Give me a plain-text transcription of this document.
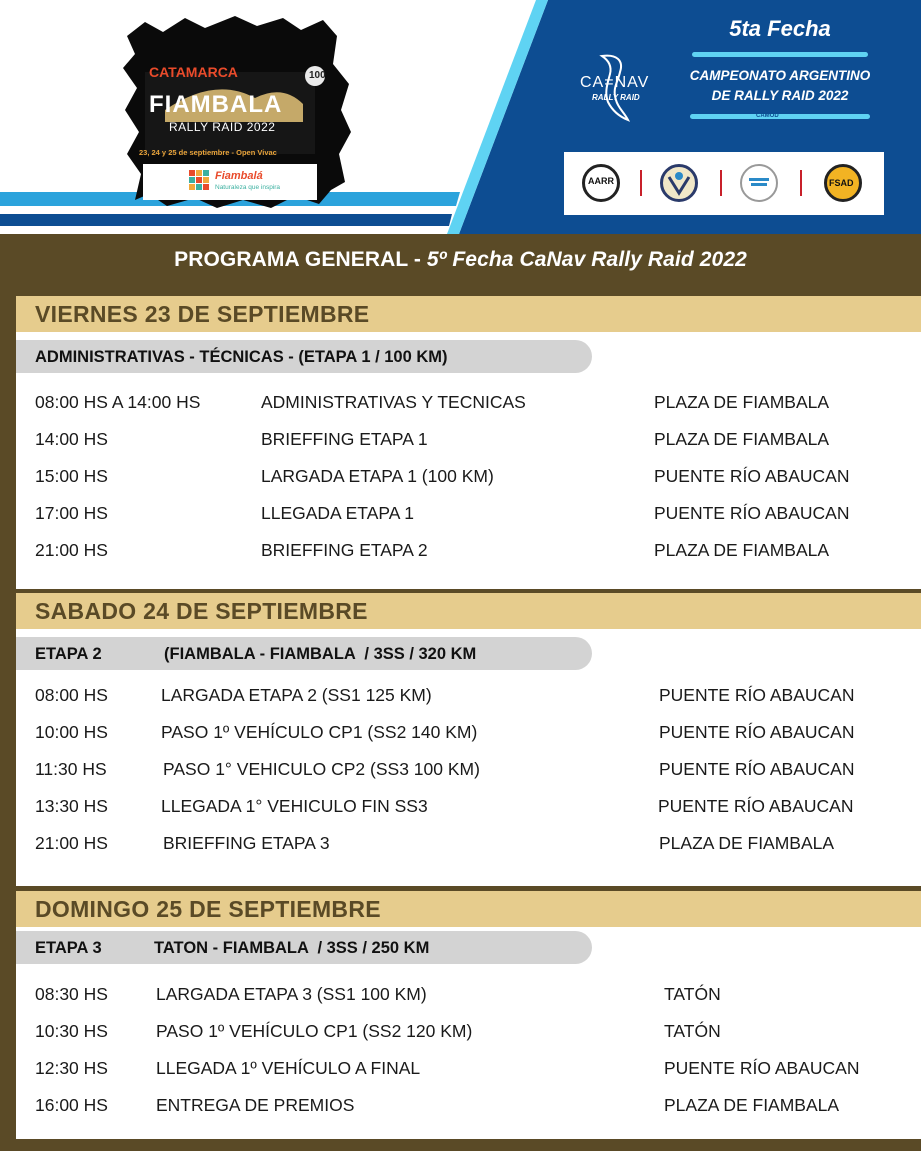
CATAMARCA
FIAMBALA
RALLY RAID 2022
23, 24 y 25 de septiembre - Open Vivac
100
Fiambalá
Naturaleza que inspira
CA=NAV
RALLY RAID
5ta Fecha
CAMPEONATO ARGENTINO
DE RALLY RAID 2022
CAMOD
AARR	FSAD
PROGRAMA GENERAL - 5º Fecha CaNav Rally Raid 2022
VIERNES 23 DE SEPTIEMBRE
ADMINISTRATIVAS - TÉCNICAS - (ETAPA 1 / 100 KM)
08:00 HS A 14:00 HS	ADMINISTRATIVAS Y TECNICAS	PLAZA DE FIAMBALA
14:00 HS	BRIEFFING ETAPA 1	PLAZA DE FIAMBALA
15:00 HS	LARGADA ETAPA 1 (100 KM)	PUENTE RÍO ABAUCAN
17:00 HS	LLEGADA ETAPA 1	PUENTE RÍO ABAUCAN
21:00 HS	BRIEFFING ETAPA 2	PLAZA DE FIAMBALA
SABADO 24 DE SEPTIEMBRE
ETAPA 2	(FIAMBALA - FIAMBALA  / 3SS / 320 KM
08:00 HS	LARGADA ETAPA 2 (SS1 125 KM)	PUENTE RÍO ABAUCAN
10:00 HS	PASO 1º VEHÍCULO CP1 (SS2 140 KM)	PUENTE RÍO ABAUCAN
11:30 HS	PASO 1° VEHICULO CP2 (SS3 100 KM)	PUENTE RÍO ABAUCAN
13:30 HS	LLEGADA 1° VEHICULO FIN SS3	PUENTE RÍO ABAUCAN
21:00 HS	BRIEFFING ETAPA 3	PLAZA DE FIAMBALA
DOMINGO 25 DE SEPTIEMBRE
ETAPA 3	TATON - FIAMBALA  / 3SS / 250 KM
08:30 HS	LARGADA ETAPA 3 (SS1 100 KM)	TATÓN
10:30 HS	PASO 1º VEHÍCULO CP1 (SS2 120 KM)	TATÓN
12:30 HS	LLEGADA 1º VEHÍCULO A FINAL	PUENTE RÍO ABAUCAN
16:00 HS	ENTREGA DE PREMIOS	PLAZA DE FIAMBALA
